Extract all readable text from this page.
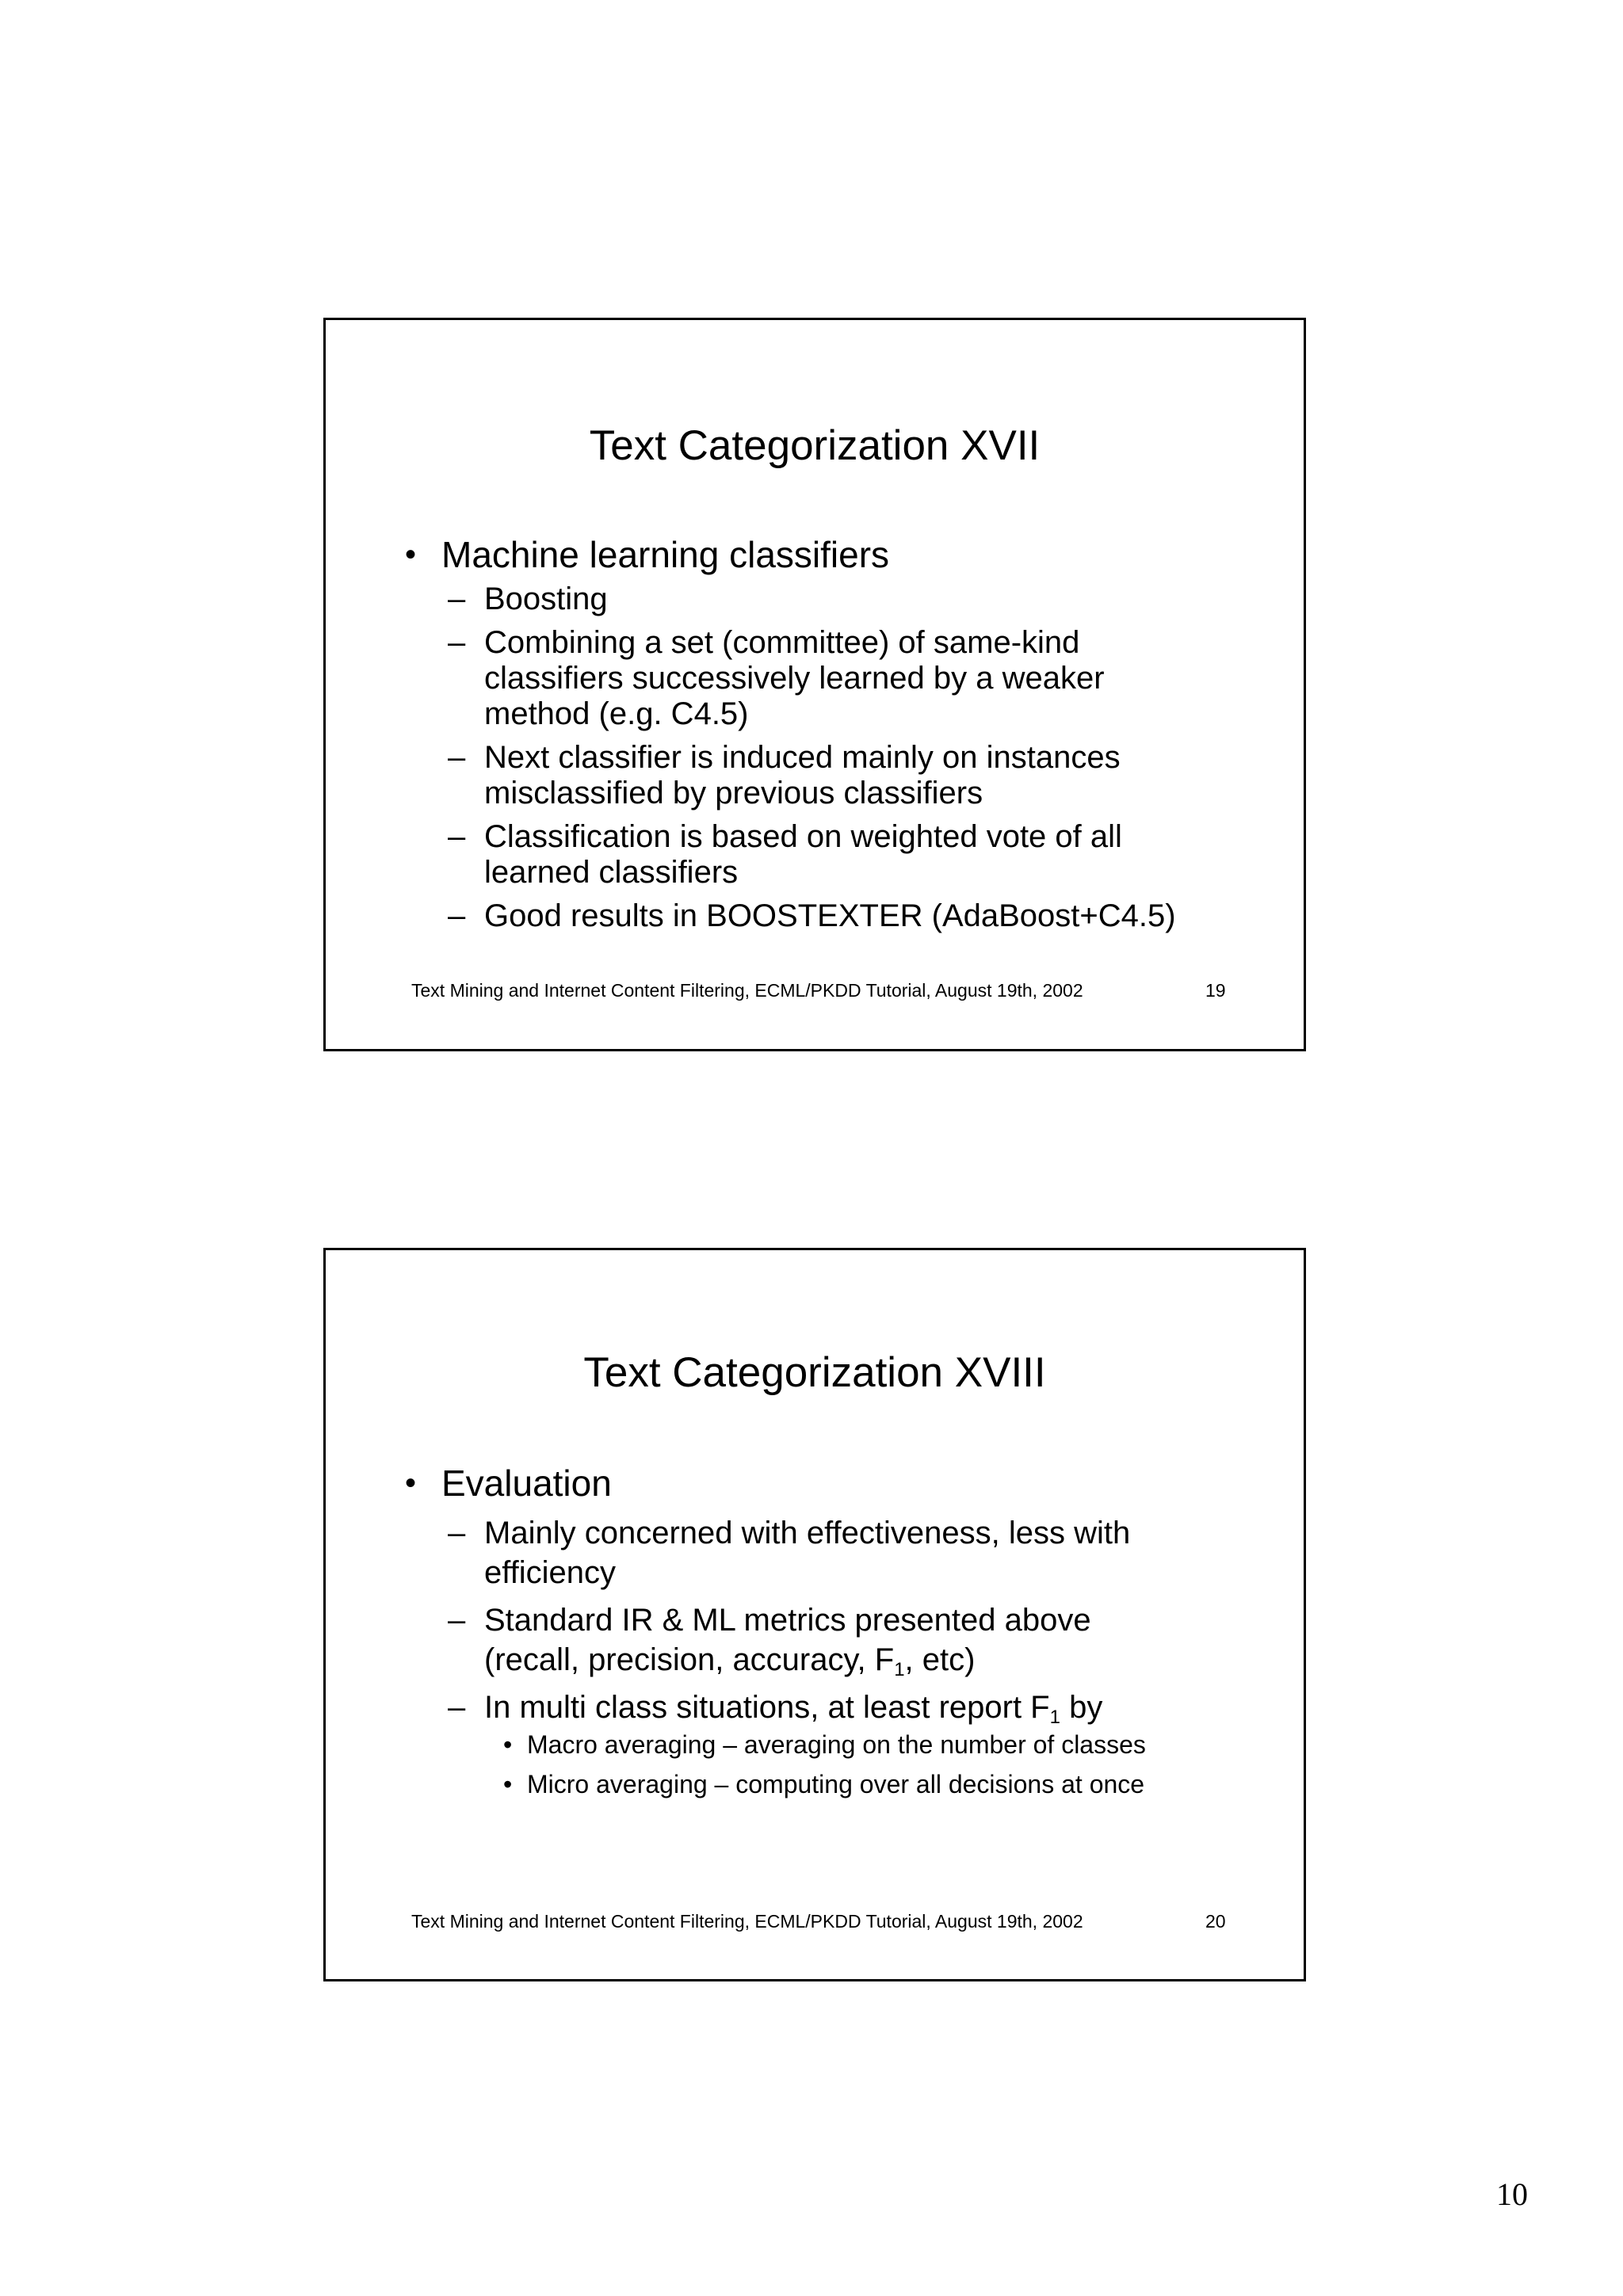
Text Categorization XVII
• Machine learning classifiers
– Boosting
– Combining a set (committee) of same-kind classifiers successively learned by a weaker method (e.g. C4.5)
– Next classifier is induced mainly on instances misclassified by previous classifiers
– Classification is based on weighted vote of all learned classifiers
– Good results in BOOSTEXTER (AdaBoost+C4.5)
Text Mining and Internet Content Filtering, ECML/PKDD Tutorial, August 19th, 2002	19
Text Categorization XVIII
• Evaluation
– Mainly concerned with effectiveness, less with efficiency
– Standard IR & ML metrics presented above (recall, precision, accuracy, $F_1$, etc)
– In multi class situations, at least report $F_1$ by
• Macro averaging – averaging on the number of classes
• Micro averaging – computing over all decisions at once
Text Mining and Internet Content Filtering, ECML/PKDD Tutorial, August 19th, 2002	20
10
